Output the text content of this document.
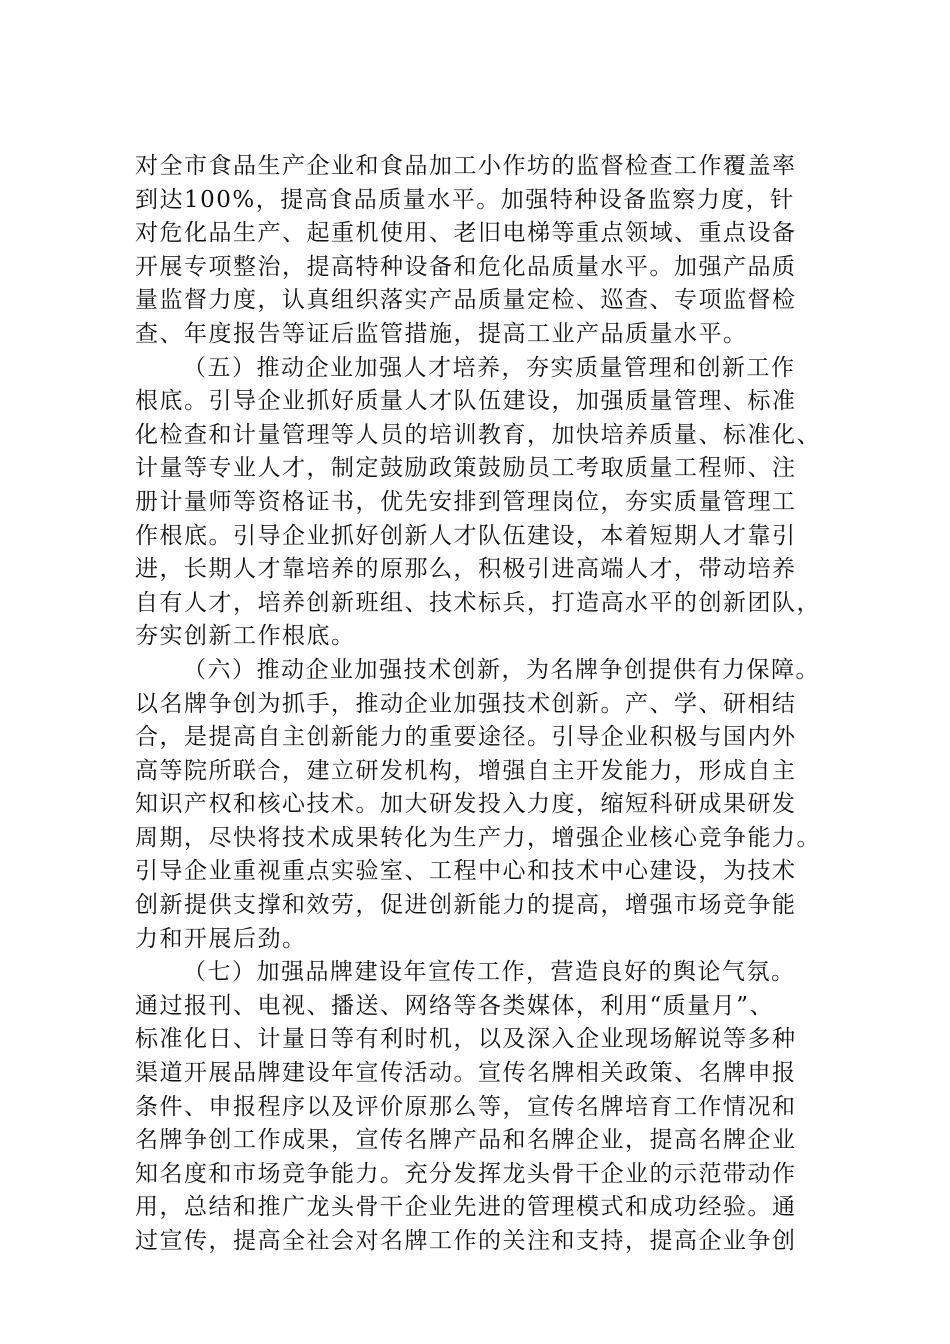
对全市食品生产企业和食品加工小作坊的监督检查工作覆盖率
到达100%，提高食品质量水平。加强特种设备监察力度，针
对危化品生产、起重机使用、老旧电梯等重点领域、重点设备
开展专项整治，提高特种设备和危化品质量水平。加强产品质
量监督力度，认真组织落实产品质量定检、巡查、专项监督检
查、年度报告等证后监管措施，提高工业产品质量水平。
（五）推动企业加强人才培养，夯实质量管理和创新工作
根底。引导企业抓好质量人才队伍建设，加强质量管理、标准
化检查和计量管理等人员的培训教育，加快培养质量、标准化、
计量等专业人才，制定鼓励政策鼓励员工考取质量工程师、注
册计量师等资格证书，优先安排到管理岗位，夯实质量管理工
作根底。引导企业抓好创新人才队伍建设，本着短期人才靠引
进，长期人才靠培养的原那么，积极引进高端人才，带动培养
自有人才，培养创新班组、技术标兵，打造高水平的创新团队，
夯实创新工作根底。
（六）推动企业加强技术创新，为名牌争创提供有力保障。
以名牌争创为抓手，推动企业加强技术创新。产、学、研相结
合，是提高自主创新能力的重要途径。引导企业积极与国内外
高等院所联合，建立研发机构，增强自主开发能力，形成自主
知识产权和核心技术。加大研发投入力度，缩短科研成果研发
周期，尽快将技术成果转化为生产力，增强企业核心竞争能力。
引导企业重视重点实验室、工程中心和技术中心建设，为技术
创新提供支撑和效劳，促进创新能力的提高，增强市场竞争能
力和开展后劲。
（七）加强品牌建设年宣传工作，营造良好的舆论气氛。
通过报刊、电视、播送、网络等各类媒体，利用“质量月”、
标准化日、计量日等有利时机，以及深入企业现场解说等多种
渠道开展品牌建设年宣传活动。宣传名牌相关政策、名牌申报
条件、申报程序以及评价原那么等，宣传名牌培育工作情况和
名牌争创工作成果，宣传名牌产品和名牌企业，提高名牌企业
知名度和市场竞争能力。充分发挥龙头骨干企业的示范带动作
用，总结和推广龙头骨干企业先进的管理模式和成功经验。通
过宣传，提高全社会对名牌工作的关注和支持，提高企业争创
